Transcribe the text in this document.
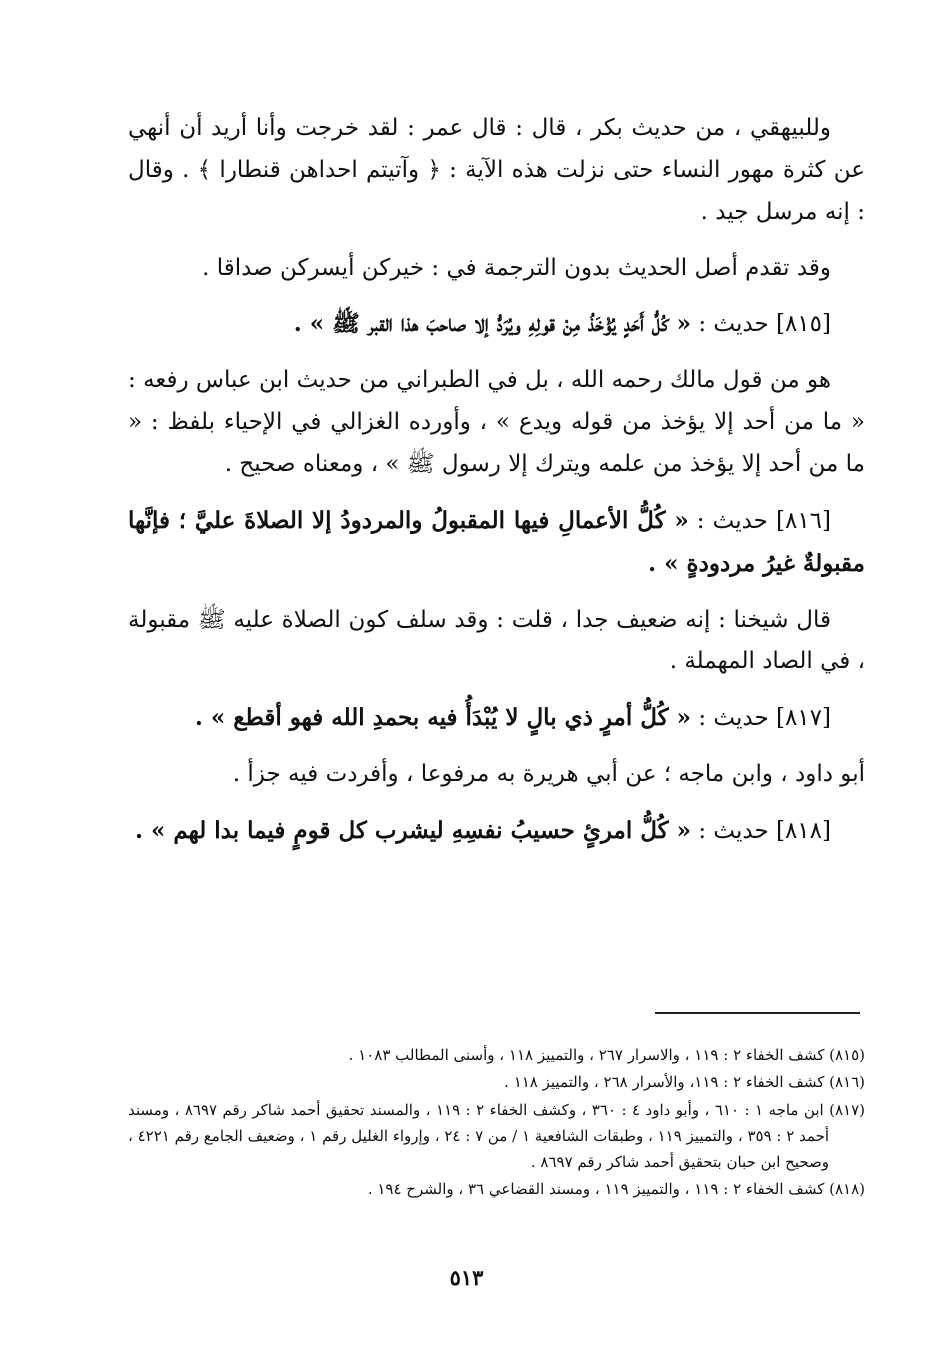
وللبيهقي ، من حديث بكر ، قال : قال عمر : لقد خرجت وأنا أريد أن أنهي عن كثرة مهور النساء حتى نزلت هذه الآية : ﴿ وآتيتم احداهن قنطارا ﴾ . وقال : إنه مرسل جيد .

وقد تقدم أصل الحديث بدون الترجمة في : خيركن أيسركن صداقا .

[٨١٥] حديث : « كُلُّ أَحَدٍ يُؤْخَذُ مِنْ قولِهِ ويُرَدُّ إلا صاحبَ هذا القبر ﷺ » .

هو من قول مالك رحمه الله ، بل في الطبراني من حديث ابن عباس رفعه : « ما من أحد إلا يؤخذ من قوله ويدع » ، وأورده الغزالي في الإحياء بلفظ : « ما من أحد إلا يؤخذ من علمه ويترك إلا رسول ﷺ » ، ومعناه صحيح .

[٨١٦] حديث : « كُلُّ الأعمالِ فيها المقبولُ والمردودُ إلا الصلاةَ عليَّ ؛ فإنَّها مقبولةٌ غيرُ مردودةٍ » .

قال شيخنا : إنه ضعيف جدا ، قلت : وقد سلف كون الصلاة عليه ﷺ مقبولة ، في الصاد المهملة .

[٨١٧] حديث : « كُلُّ أمرٍ ذي بالٍ لا يُبْدَأُ فيه بحمدِ الله فهو أقطع » .

أبو داود ، وابن ماجه ؛ عن أبي هريرة به مرفوعا ، وأفردت فيه جزأ .

[٨١٨] حديث : « كُلُّ امرئٍ حسيبُ نفسِهِ ليشرب كل قومٍ فيما بدا لهم » .

(٨١٥) كشف الخفاء ٢ : ١١٩ ، والاسرار ٢٦٧ ، والتمييز ١١٨ ، وأسنى المطالب ١٠٨٣ .

(٨١٦) كشف الخفاء ٢ : ١١٩، والأسرار ٢٦٨ ، والتمييز ١١٨ .

(٨١٧) ابن ماجه ١ : ٦١٠ ، وأبو داود ٤ : ٣٦٠ ، وكشف الخفاء ٢ : ١١٩ ، والمسند تحقيق أحمد شاكر رقم ٨٦٩٧ ، ومسند أحمد ٢ : ٣٥٩ ، والتمييز ١١٩ ، وطبقات الشافعية ١ / من ٧ : ٢٤ ، وإرواء الغليل رقم ١ ، وضعيف الجامع رقم ٤٢٢١ ، وصحيح ابن حبان بتحقيق أحمد شاكر رقم ٨٦٩٧ .

(٨١٨) كشف الخفاء ٢ : ١١٩ ، والتمييز ١١٩ ، ومسند القضاعي ٣٦ ، والشرح ١٩٤ .

٥١٣
